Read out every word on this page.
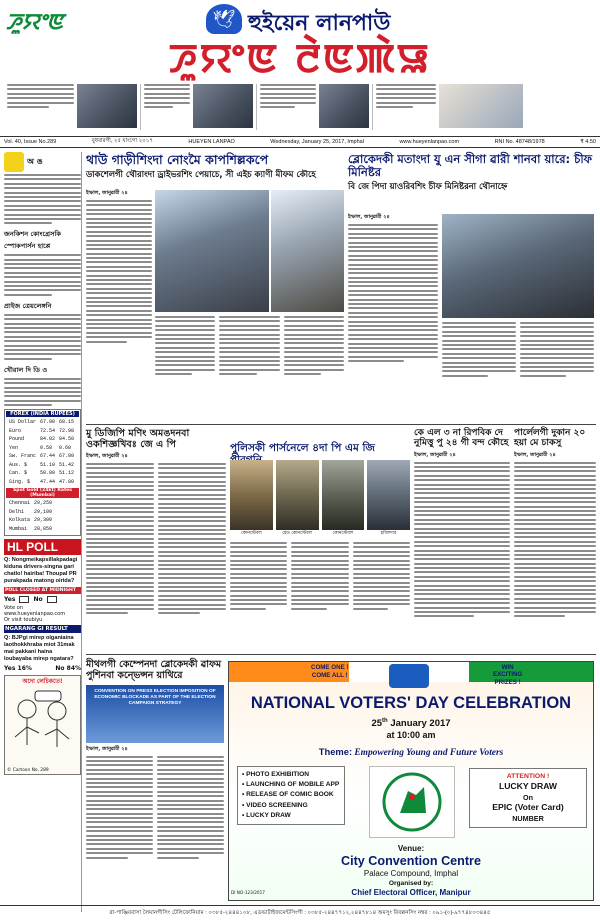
ꯍꯨꯌꯦꯟ	🕊 হুইয়েন লানপাউ
ꯍꯨꯌꯦꯟ ꯂꯥꯟꯄꯥꯎ
Vol. 40, Issue No.289	বুধবারগী, ২৫ যাংগো ২০১৭	HUEYEN LANPAO	Wednesday, January 25, 2017, Imphal	www.hueyenlanpao.com	RNI No. 48748/1978	₹ 4.50
অ ঙ
জনকিশন কোংগ্রেসকি স্পোকপার্সন হাপ্পে
প্রাইজ ত্রেয়লেঙ্গনি
খৌরাল দি ডি ও
FOREX (INDIA RUPEES)
US Dollar	67.90	68.15
Euro	72.54	72.98
Pound	84.02	84.50
Yen	0.58	0.60
Sw. Franc	67.44	67.80
Aus. $	51.10	51.42
Can. $	50.80	51.12
Sing. $	47.44	47.80
Spot Gold (24kt) Rates (Mumbai)
Chennai	29,250
Delhi	29,100
Kolkata	29,300
Mumbai	28,850
HL POLL
Q: Nongmeikapsillakpadagi kiduna drivers-singna gari chatlo! hairiba! Thoupal PR purakpada matong oirida?
POLL CLOSED AT MIDNIGHT
Yes	No
Vote on www.hueyenlanpao.com
Or visit toubiyu
NGARANG GI RESULT
Q: BJPgi mirep oiganiaina laothokkhraba miot 31mak mai pakkani haina loubayaba mirep ngatara?
Yes 16%	No 84%
অদো লেচিকতে!
© Cartoon No. 289
থাউ গাড়ীশিংদা নোংমৈ কাপশিল্লকপে
ডাকশেলগী থৌরাংদা ড্রাইভরশিং পেয়াচে, সী এইচ ক্যাণী মীফম কৌহে
ইম্ফাল, জানুৱারী ২৪
ব্লোকেদকী মতাংদা যু এন সীগা ৱারী শানবা য়ারে: চীফ মিনিষ্টর
বি জে পিদা য়াওরিবশিং চীফ মিনিষ্টরনা থৌনাহ্নে
ইম্ফাল, জানুৱারী ২৪
মু ডিজিপি মণিং অমঙদনবা ওকশিজ্ঞখিবঃ জে এ পি
ইম্ফাল, জানুৱারী ২৪
পুলিসকী পার্সনেলে ৪দা পি এম জি
কোনস্টেবল	হেড কোনস্টেবল	কোনস্টেবল	হবিলদার
কে এল ৩ না রিপবিক দে নুমিত্তু পু ২৪ গী বন্দ কৌহে
ইম্ফাল, জানুৱারী ২৪
পার্লেলগী দুকান ২০ হয়া মে চাকসু
ইম্ফাল, জানুৱারী ২৪
মীথলগী কেম্পেনদা ব্লোকেদকী ৱাফম পুশিনবা কন্ভেন্সন য়াথিরে
CONVENTION ON PRESS ELECTION IMPOSITION OF ECONOMIC BLOCKADE AS PART OF THE ELECTION CAMPAIGN STRATEGY
ইম্ফাল, জানুৱারী ২৪
COME ONE !
COME ALL !
WIN
EXCITING
PRIZES !
NATIONAL VOTERS' DAY CELEBRATION
25th January 2017
at 10:00 am
Theme: Empowering Young and Future Voters
• PHOTO EXHIBITION
• LAUNCHING OF MOBILE APP
• RELEASE OF COMIC BOOK
• VIDEO SCREENING
• LUCKY DRAW
ATTENTION !
LUCKY DRAW
On
EPIC (Voter Card)
NUMBER
Venue:
City Convention Centre
Palace Compound, Imphal
Organised by:
Chief Electoral Officer, Manipur
DI NO-123/2017
ৱা-পাঞ্জিরবাসা লৈমানগীসিং টেলিফোনিয়াম : ০৩৮৫-২৪৪৪১০৮, এডভার্টাইজমেন্টসিংগী : ০৩৮৫-২৪৪৭৭১২,২৪৪৭৮১৪ অমসুং রিবল্লনসিং নম্বর : ০৯১-(০)-৯৭৭৪৮০৩৪৪৫
